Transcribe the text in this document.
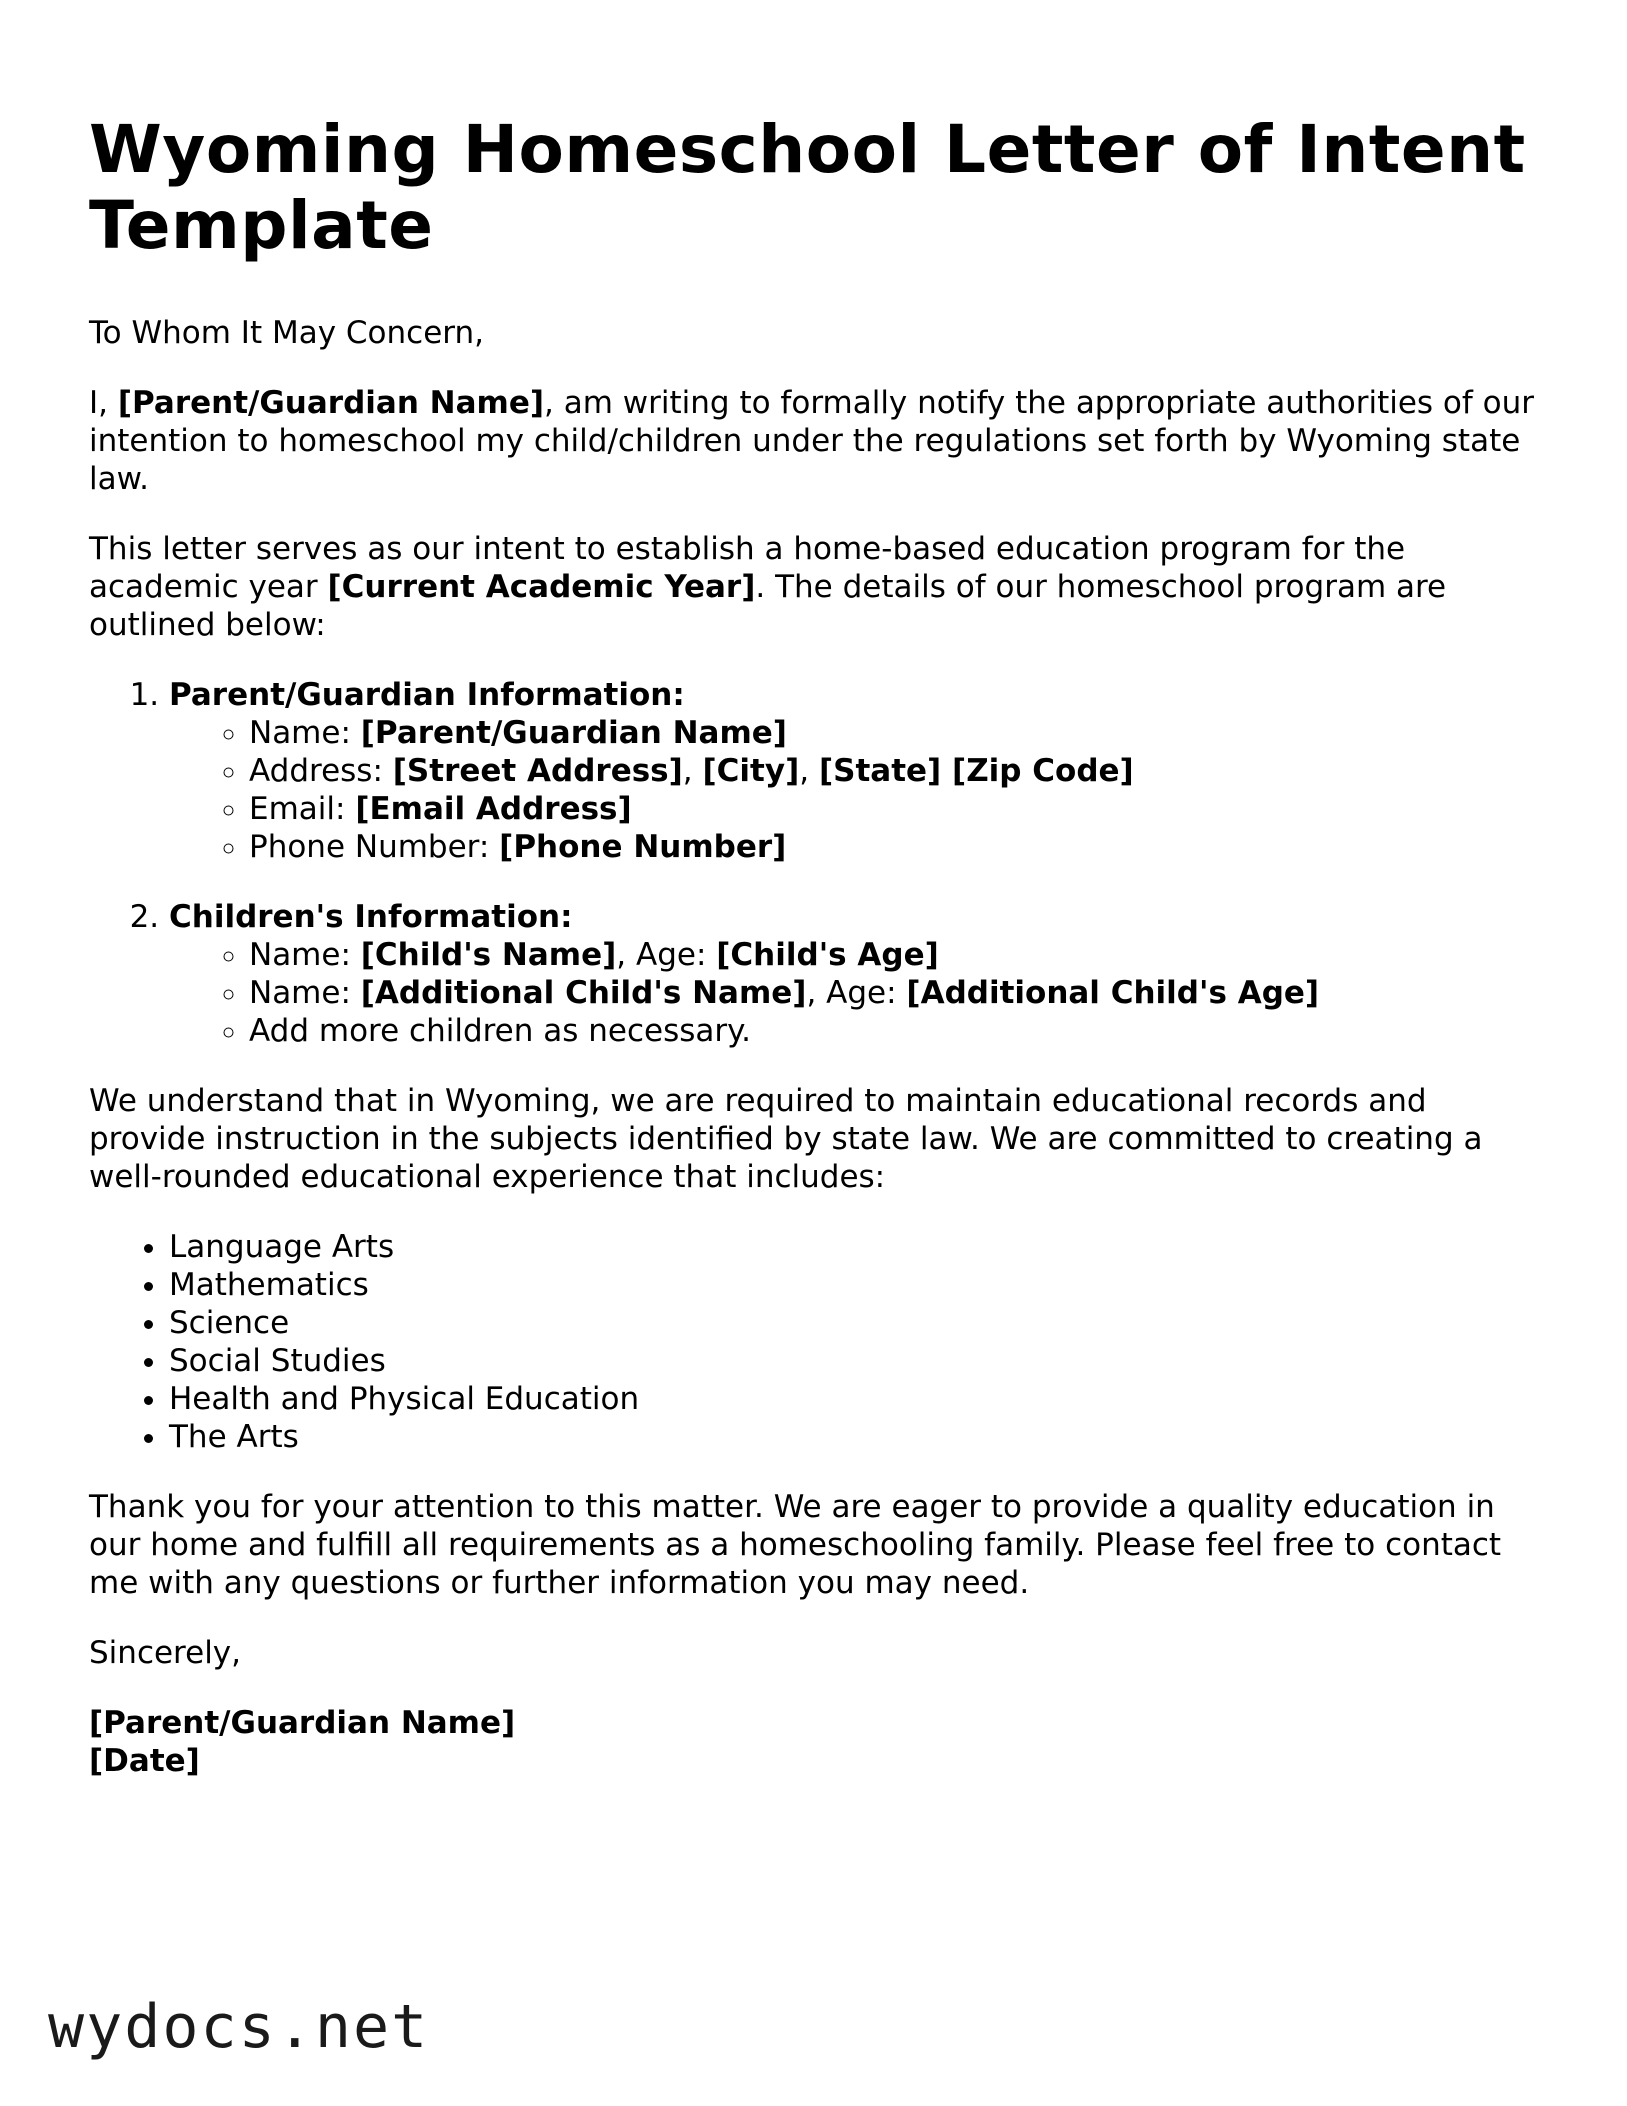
Wyoming Homeschool Letter of Intent Template

To Whom It May Concern,

I, [Parent/Guardian Name], am writing to formally notify the appropriate authorities of our intention to homeschool my child/children under the regulations set forth by Wyoming state law.

This letter serves as our intent to establish a home-based education program for the academic year [Current Academic Year]. The details of our homeschool program are outlined below:

1. Parent/Guardian Information:
◦ Name: [Parent/Guardian Name]
◦ Address: [Street Address], [City], [State] [Zip Code]
◦ Email: [Email Address]
◦ Phone Number: [Phone Number]
2. Children's Information:
◦ Name: [Child's Name], Age: [Child's Age]
◦ Name: [Additional Child's Name], Age: [Additional Child's Age]
◦ Add more children as necessary.

We understand that in Wyoming, we are required to maintain educational records and provide instruction in the subjects identified by state law. We are committed to creating a well-rounded educational experience that includes:

• Language Arts
• Mathematics
• Science
• Social Studies
• Health and Physical Education
• The Arts

Thank you for your attention to this matter. We are eager to provide a quality education in our home and fulfill all requirements as a homeschooling family. Please feel free to contact me with any questions or further information you may need.

Sincerely,

[Parent/Guardian Name]
[Date]
wydocs.net
